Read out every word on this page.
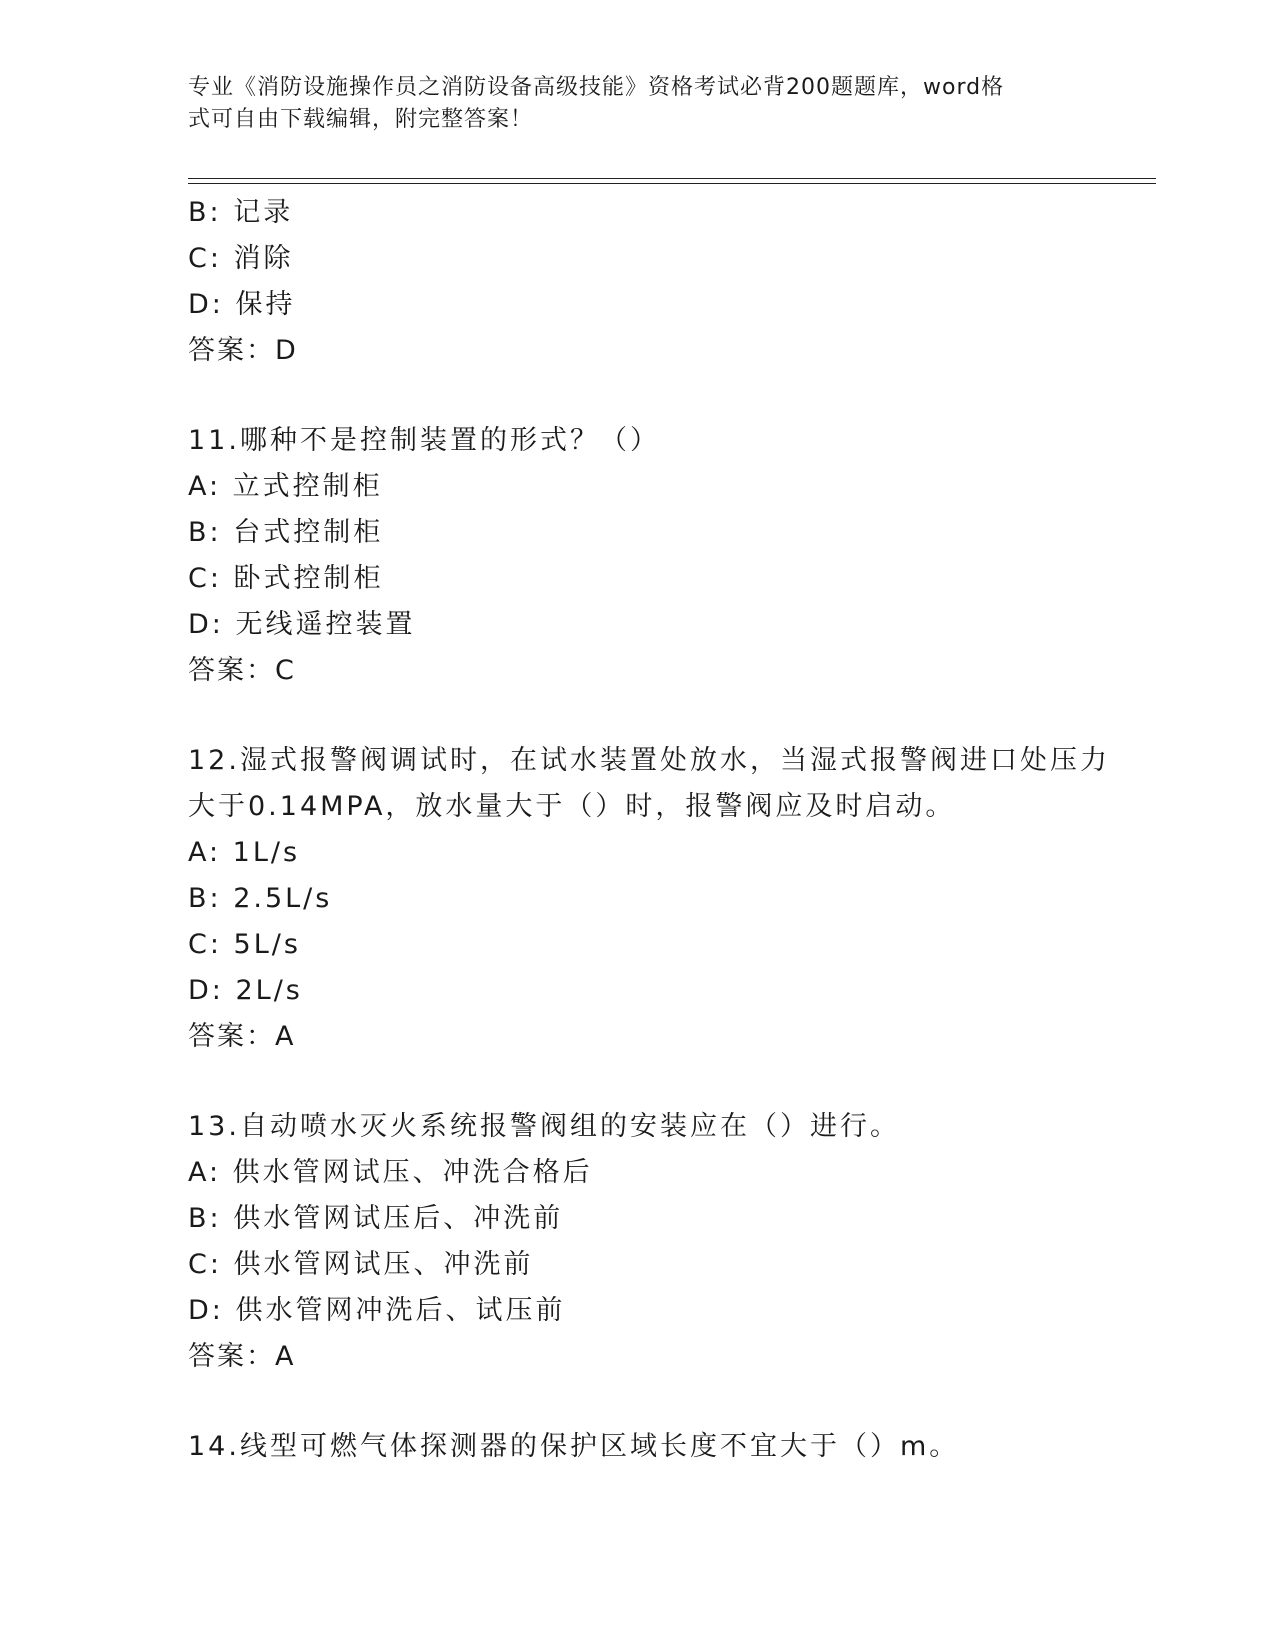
专业《消防设施操作员之消防设备高级技能》资格考试必背200题题库，word格
式可自由下载编辑，附完整答案！
B: 记录
C: 消除
D: 保持
答案：D
11.哪种不是控制装置的形式？（）
A: 立式控制柜
B: 台式控制柜
C: 卧式控制柜
D: 无线遥控装置
答案：C
12.湿式报警阀调试时，在试水装置处放水，当湿式报警阀进口处压力
大于0.14MPA，放水量大于（）时，报警阀应及时启动。
A: 1L/s
B: 2.5L/s
C: 5L/s
D: 2L/s
答案：A
13.自动喷水灭火系统报警阀组的安装应在（）进行。
A: 供水管网试压、冲洗合格后
B: 供水管网试压后、冲洗前
C: 供水管网试压、冲洗前
D: 供水管网冲洗后、试压前
答案：A
14.线型可燃气体探测器的保护区域长度不宜大于（）m。
